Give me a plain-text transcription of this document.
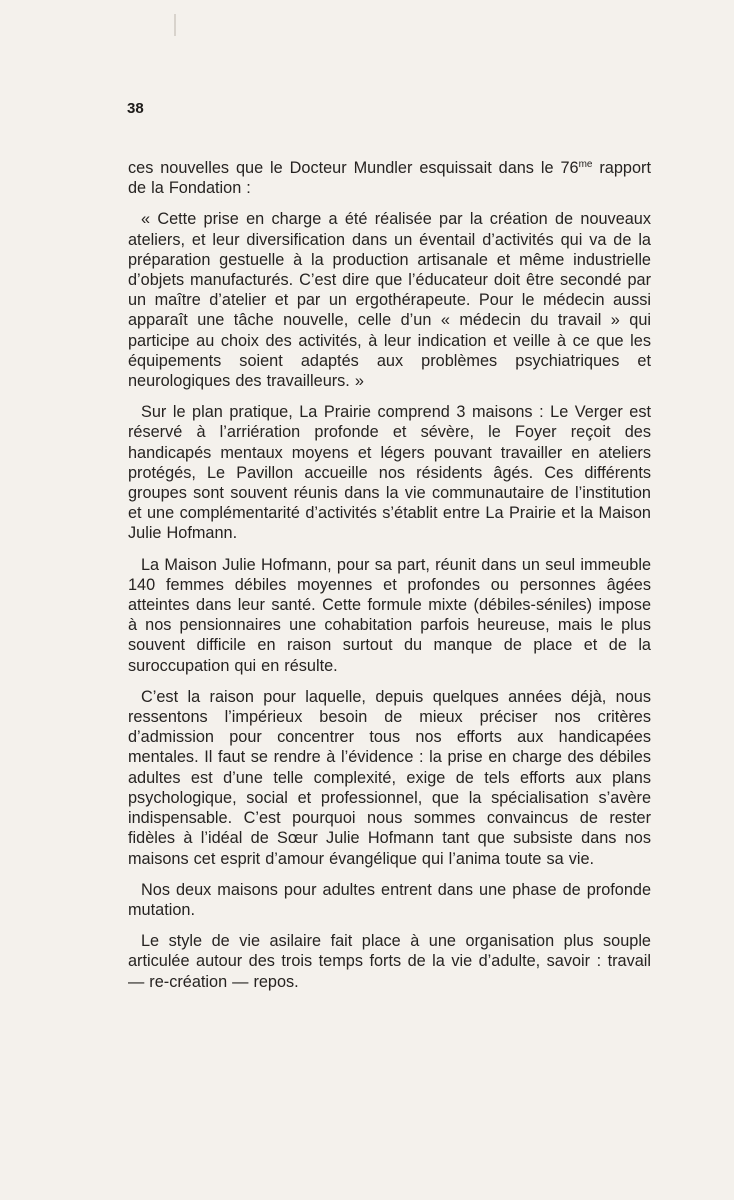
38

ces nouvelles que le Docteur Mundler esquissait dans le $76^{me}$ rapport de la Fondation :

« Cette prise en charge a été réalisée par la création de nouveaux ateliers, et leur diversification dans un éventail d’activités qui va de la préparation gestuelle à la production artisanale et même industrielle d’objets manufacturés. C’est dire que l’éducateur doit être secondé par un maître d’atelier et par un ergothérapeute. Pour le médecin aussi apparaît une tâche nouvelle, celle d’un « médecin du travail » qui participe au choix des activités, à leur indication et veille à ce que les équipements soient adaptés aux problèmes psychiatriques et neurologiques des travailleurs. »

Sur le plan pratique, La Prairie comprend 3 maisons : Le Verger est réservé à l’arriération profonde et sévère, le Foyer reçoit des handicapés mentaux moyens et légers pouvant travailler en ateliers protégés, Le Pavillon accueille nos résidents âgés. Ces différents groupes sont souvent réunis dans la vie communautaire de l’institution et une complémentarité d’activités s’établit entre La Prairie et la Maison Julie Hofmann.

La Maison Julie Hofmann, pour sa part, réunit dans un seul immeuble 140 femmes débiles moyennes et profondes ou personnes âgées atteintes dans leur santé. Cette formule mixte (débiles-séniles) impose à nos pensionnaires une cohabitation parfois heureuse, mais le plus souvent difficile en raison surtout du manque de place et de la suroccupation qui en résulte.

C’est la raison pour laquelle, depuis quelques années déjà, nous ressentons l’impérieux besoin de mieux préciser nos critères d’admission pour concentrer tous nos efforts aux handicapées mentales. Il faut se rendre à l’évidence : la prise en charge des débiles adultes est d’une telle complexité, exige de tels efforts aux plans psychologique, social et professionnel, que la spécialisation s’avère indispensable. C’est pourquoi nous sommes convaincus de rester fidèles à l’idéal de Sœur Julie Hofmann tant que subsiste dans nos maisons cet esprit d’amour évangélique qui l’anima toute sa vie.

Nos deux maisons pour adultes entrent dans une phase de profonde mutation.

Le style de vie asilaire fait place à une organisation plus souple articulée autour des trois temps forts de la vie d’adulte, savoir : travail — re-création — repos.
